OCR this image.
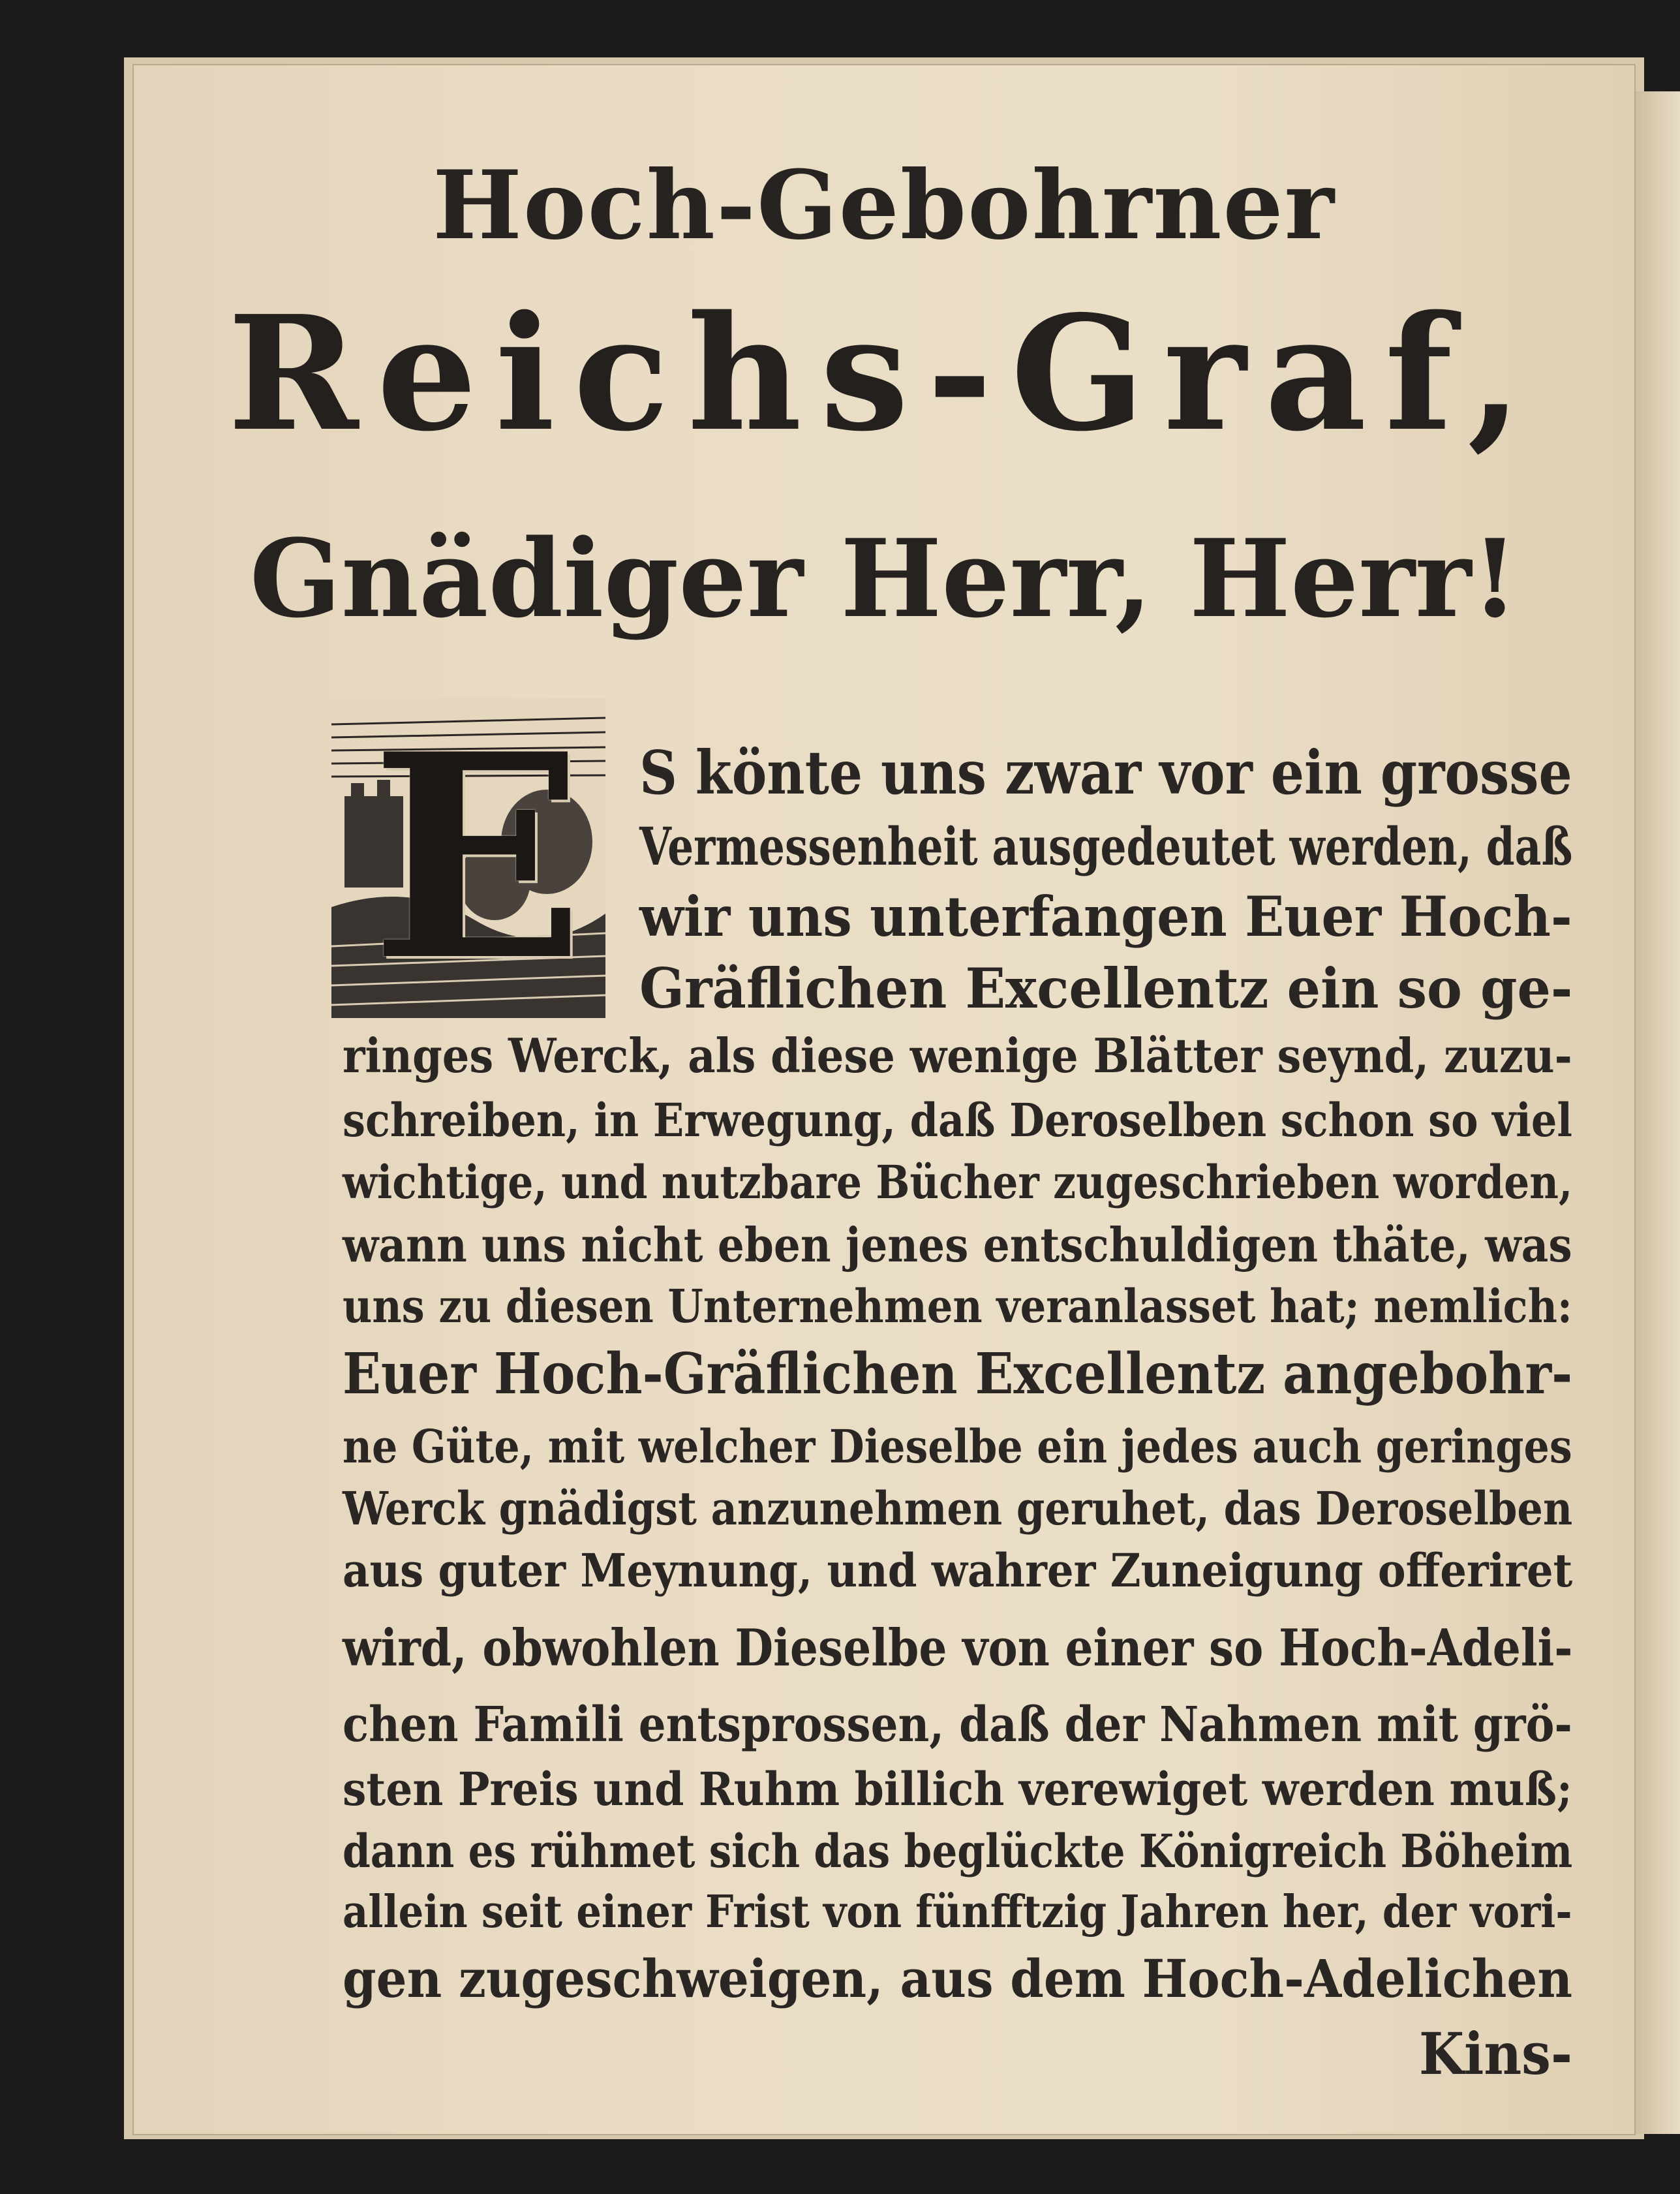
Hoch-Gebohrner
Reichs-Graf,
Gnädiger Herr, Herr!
E S könte uns zwar vor ein grosse
Vermessenheit ausgedeutet werden, daß
wir uns unterfangen Euer Hoch-
Gräflichen Excellentz ein so ge-
ringes Werck, als diese wenige Blätter seynd, zuzu-
schreiben, in Erwegung, daß Deroselben schon so viel
wichtige, und nutzbare Bücher zugeschrieben worden,
wann uns nicht eben jenes entschuldigen thäte, was
uns zu diesen Unternehmen veranlasset hat; nemlich:
Euer Hoch-Gräflichen Excellentz angebohr-
ne Güte, mit welcher Dieselbe ein jedes auch geringes
Werck gnädigst anzunehmen geruhet, das Deroselben
aus guter Meynung, und wahrer Zuneigung offeriret
wird, obwohlen Dieselbe von einer so Hoch-Adeli-
chen Famili entsprossen, daß der Nahmen mit grö-
sten Preis und Ruhm billich verewiget werden muß;
dann es rühmet sich das beglückte Königreich Böheim
allein seit einer Frist von fünfftzig Jahren her, der vori-
gen zugeschweigen, aus dem Hoch-Adelichen
Kins-
